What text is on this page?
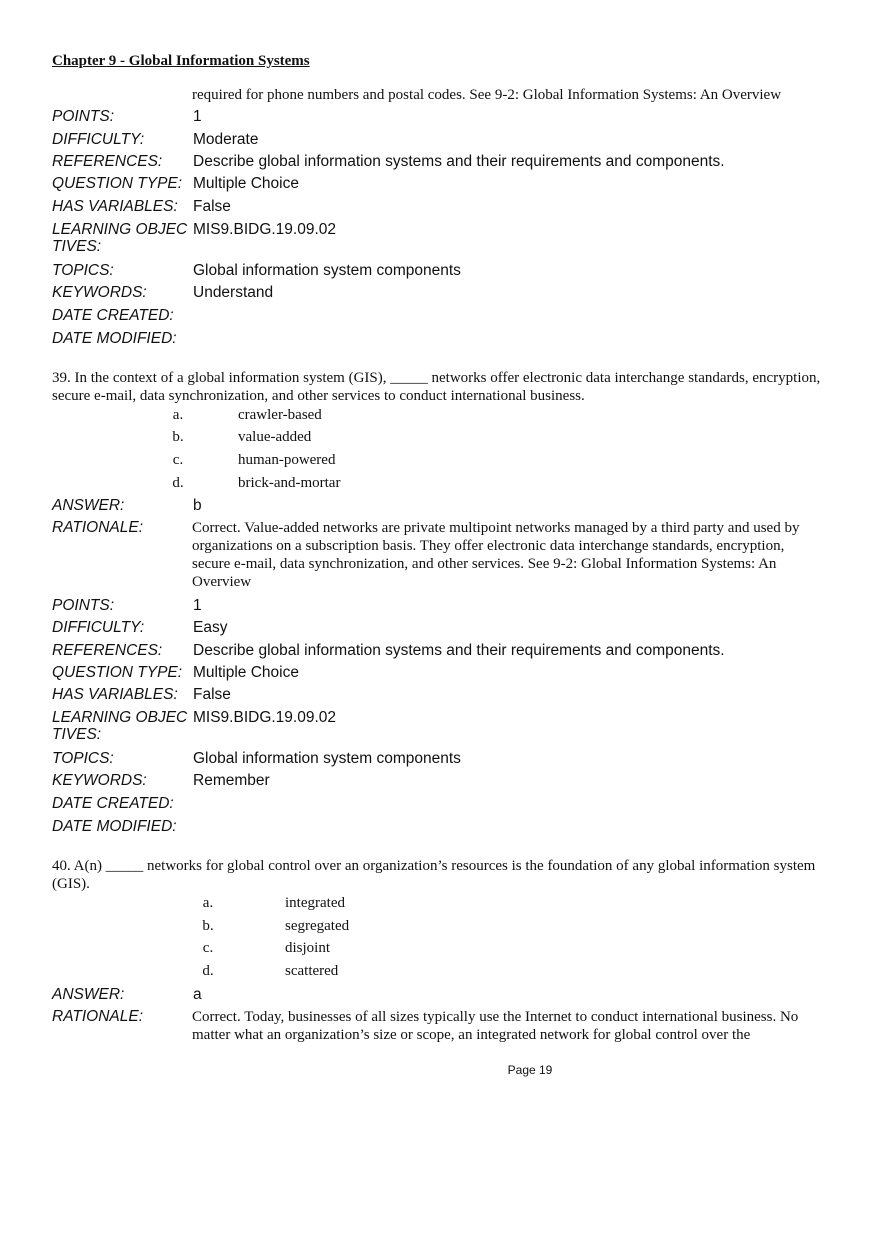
Chapter 9 - Global Information Systems
required for phone numbers and postal codes. See 9-2: Global Information Systems: An Overview
POINTS:	1
DIFFICULTY:	Moderate
REFERENCES:	Describe global information systems and their requirements and components.
QUESTION TYPE: Multiple Choice
HAS VARIABLES: False
LEARNING OBJEC
TIVES:
MIS9.BIDG.19.09.02
TOPICS:	Global information system components
KEYWORDS:	Understand
DATE CREATED:
DATE MODIFIED:
39. In the context of a global information system (GIS), _____ networks offer electronic data interchange standards, encryption, secure e-mail, data synchronization, and other services to conduct international business.
a.	crawler-based
b.	value-added
c.	human-powered
d.	brick-and-mortar
ANSWER:	b
RATIONALE:	Correct. Value-added networks are private multipoint networks managed by a third party and used by organizations on a subscription basis. They offer electronic data interchange standards, encryption, secure e-mail, data synchronization, and other services. See 9-2: Global Information Systems: An Overview
POINTS:	1
DIFFICULTY:	Easy
REFERENCES:	Describe global information systems and their requirements and components.
QUESTION TYPE: Multiple Choice
HAS VARIABLES: False
LEARNING OBJEC
TIVES:
MIS9.BIDG.19.09.02
TOPICS:	Global information system components
KEYWORDS:	Remember
DATE CREATED:
DATE MODIFIED:
40. A(n) _____ networks for global control over an organization’s resources is the foundation of any global information system (GIS).
a.	integrated
b.	segregated
c.	disjoint
d.	scattered
ANSWER:	a
RATIONALE:	Correct. Today, businesses of all sizes typically use the Internet to conduct international business. No matter what an organization’s size or scope, an integrated network for global control over the
Page 19
